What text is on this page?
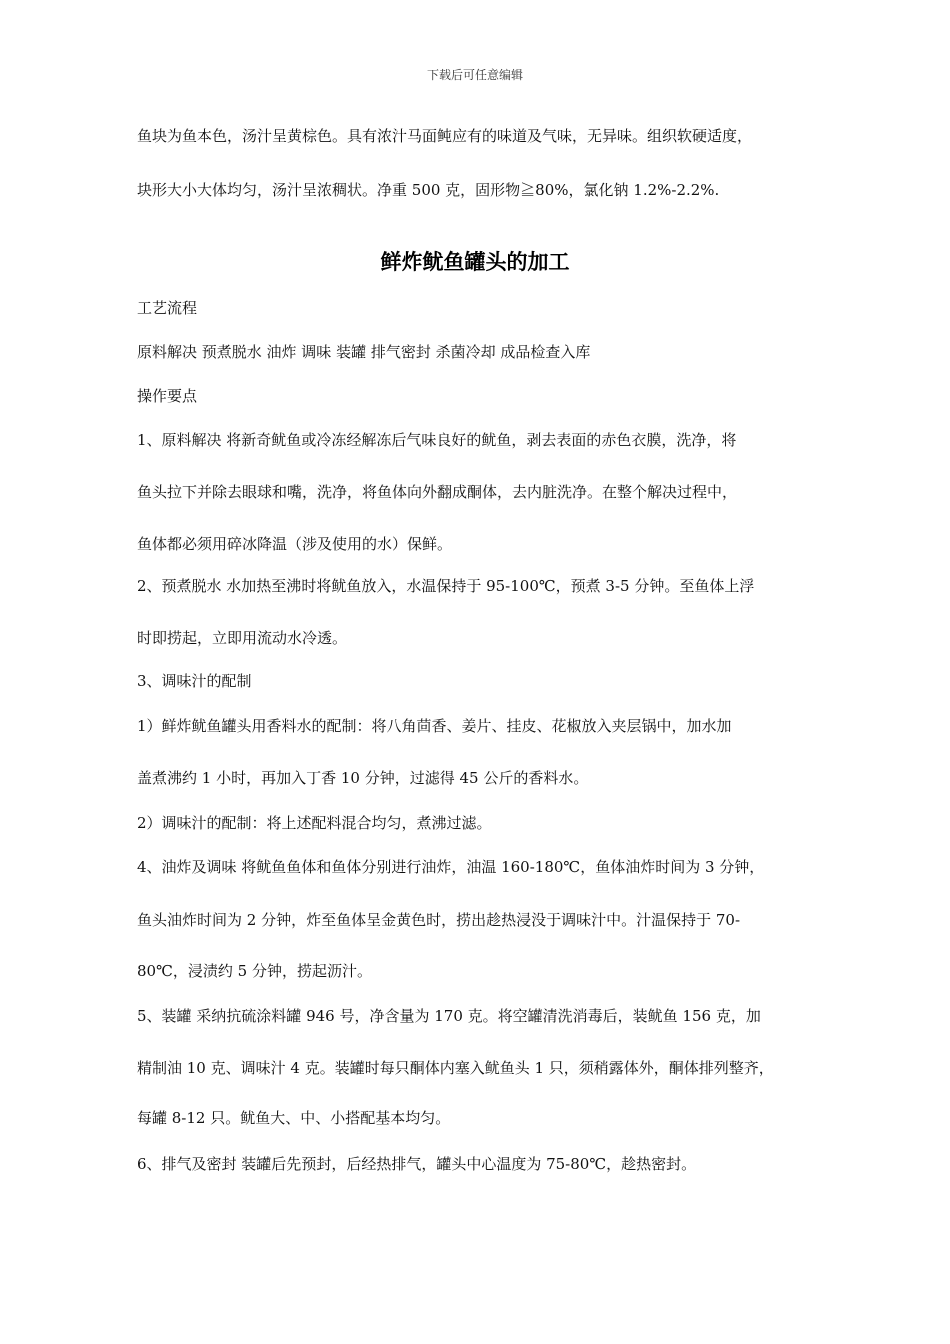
下载后可任意编辑
鱼块为鱼本色，汤汁呈黄棕色。具有浓汁马面鲀应有的味道及气味，无异味。组织软硬适度，
块形大小大体均匀，汤汁呈浓稠状。净重 500 克，固形物≧80%，氯化钠 1.2%-2.2%.
鲜炸鱿鱼罐头的加工
工艺流程
原料解决 预煮脱水 油炸 调味 装罐 排气密封 杀菌冷却 成品检查入库
操作要点
1、原料解决 将新奇鱿鱼或冷冻经解冻后气味良好的鱿鱼，剥去表面的赤色衣膜，洗净，将
鱼头拉下并除去眼球和嘴，洗净，将鱼体向外翻成酮体，去内脏洗净。在整个解决过程中，
鱼体都必须用碎冰降温（涉及使用的水）保鲜。
2、预煮脱水 水加热至沸时将鱿鱼放入，水温保持于 95-100℃，预煮 3-5 分钟。至鱼体上浮
时即捞起，立即用流动水冷透。
3、调味汁的配制
1）鲜炸鱿鱼罐头用香料水的配制：将八角茴香、姜片、挂皮、花椒放入夹层锅中，加水加
盖煮沸约 1 小时，再加入丁香 10 分钟，过滤得 45 公斤的香料水。
2）调味汁的配制：将上述配料混合均匀，煮沸过滤。
4、油炸及调味 将鱿鱼鱼体和鱼体分别进行油炸，油温 160-180℃，鱼体油炸时间为 3 分钟，
鱼头油炸时间为 2 分钟，炸至鱼体呈金黄色时，捞出趁热浸没于调味汁中。汁温保持于 70-
80℃，浸渍约 5 分钟，捞起沥汁。
5、装罐 采纳抗硫涂料罐 946 号，净含量为 170 克。将空罐清洗消毒后，装鱿鱼 156 克，加
精制油 10 克、调味汁 4 克。装罐时每只酮体内塞入鱿鱼头 1 只，须稍露体外，酮体排列整齐，
每罐 8-12 只。鱿鱼大、中、小搭配基本均匀。
6、排气及密封 装罐后先预封，后经热排气，罐头中心温度为 75-80℃，趁热密封。
